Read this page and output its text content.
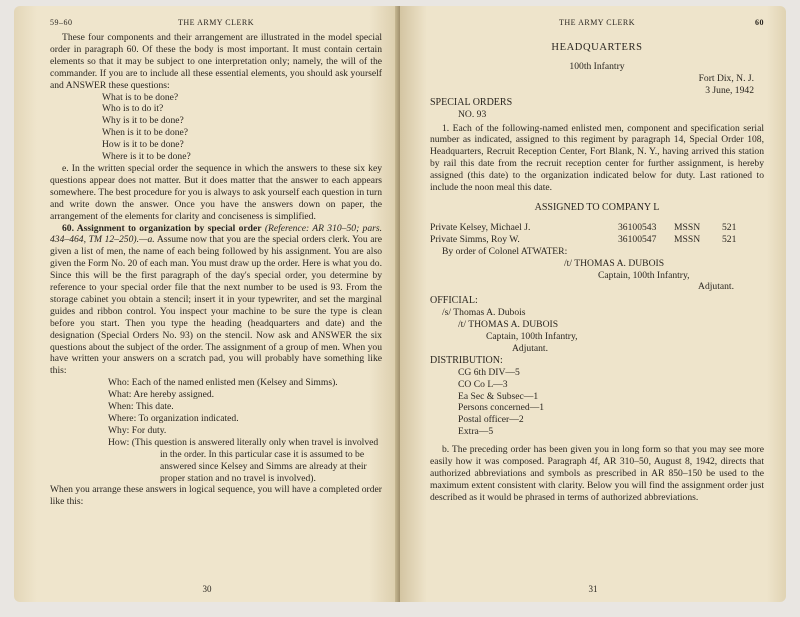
59–60	THE ARMY CLERK

These four components and their arrangement are illustrated in the model special order in paragraph 60. Of these the body is most important. It must contain certain elements so that it may be subject to one interpretation only; namely, the will of the commander. If you are to include all these essential elements, you should ask yourself and ANSWER these questions:

What is to be done?

Who is to do it?

Why is it to be done?

When is it to be done?

How is it to be done?

Where is it to be done?

e. In the written special order the sequence in which the answers to these six key questions appear does not matter. But it does matter that the answer to each appears somewhere. The best procedure for you is always to ask yourself each question in turn and write down the answer. Once you have the answers down on paper, the arrangement of the elements for clarity and conciseness is simplified.

60. Assignment to organization by special order (Reference: AR 310–50; pars. 434–464, TM 12–250).—a. Assume now that you are the special orders clerk. You are given a list of men, the name of each being followed by his assignment. You are also given the Form No. 20 of each man. You must draw up the order. Here is what you do. Since this will be the first paragraph of the day's special order, you determine by reference to your special order file that the next number to be used is 93. From the storage cabinet you obtain a stencil; insert it in your typewriter, and set the marginal guides and ribbon control. You inspect your machine to be sure the type is clean before you start. Then you type the heading (headquarters and date) and the designation (Special Orders No. 93) on the stencil. Now ask and ANSWER the six questions about the subject of the order. The assignment of a group of men. When you have written your answers on a scratch pad, you will probably have something like this:

Who: Each of the named enlisted men (Kelsey and Simms).

What: Are hereby assigned.

When: This date.

Where: To organization indicated.

Why: For duty.

How: (This question is answered literally only when travel is involved in the order. In this particular case it is assumed to be answered since Kelsey and Simms are already at their proper station and no travel is involved).

When you arrange these answers in logical sequence, you will have a completed order like this:

30
THE ARMY CLERK	60
HEADQUARTERS
100th Infantry
Fort Dix, N. J.
3 June, 1942
SPECIAL ORDERS
NO. 93

1. Each of the following-named enlisted men, component and specification serial number as indicated, assigned to this regiment by paragraph 14, Special Order 108, Headquarters, Recruit Reception Center, Fort Blank, N. Y., having arrived this station by rail this date from the recruit reception center for further assignment, is hereby assigned (this date) to the organization indicated below for duty. Last rationed to include the noon meal this date.

ASSIGNED TO COMPANY L
Private Kelsey, Michael J.	36100543	MSSN	521
Private Simms, Roy W.	36100547	MSSN	521
By order of Colonel ATWATER:
/t/ THOMAS A. DUBOIS
Captain, 100th Infantry,
Adjutant.
OFFICIAL:
/s/ Thomas A. Dubois
/t/ THOMAS A. DUBOIS
Captain, 100th Infantry,
Adjutant.
DISTRIBUTION:
CG 6th DIV—5
CO Co L—3
Ea Sec & Subsec—1
Persons concerned—1
Postal officer—2
Extra—5

b. The preceding order has been given you in long form so that you may see more easily how it was composed. Paragraph 4f, AR 310–50, August 8, 1942, directs that authorized abbreviations and symbols as prescribed in AR 850–150 be used to the maximum extent consistent with clarity. Below you will find the assignment order just described as it would be phrased in terms of authorized abbreviations.

31
